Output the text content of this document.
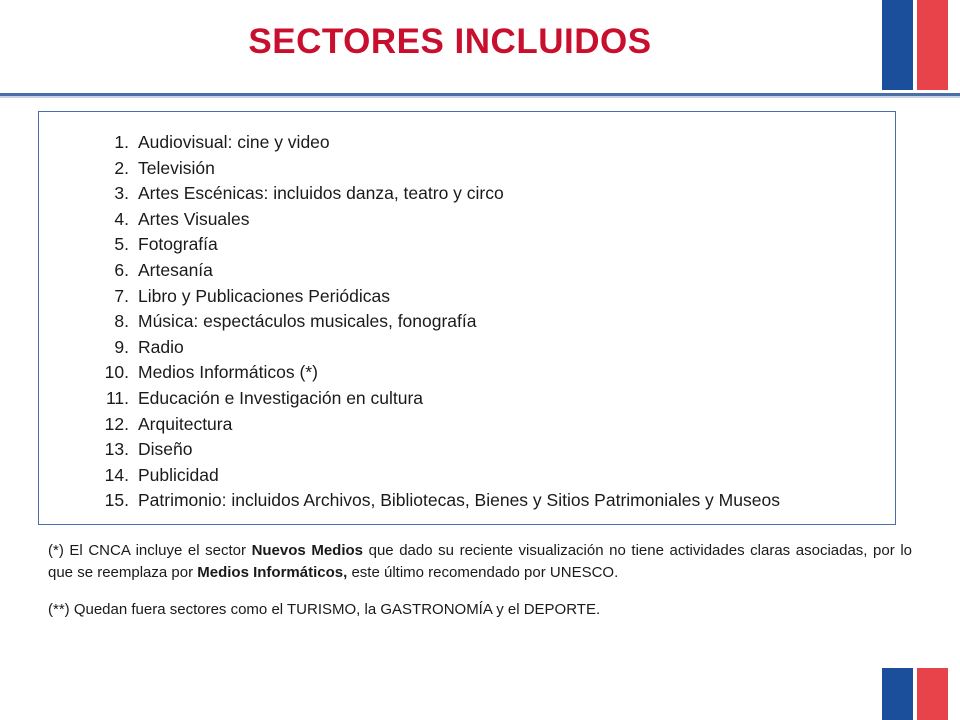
SECTORES INCLUIDOS
1. Audiovisual: cine y video
2. Televisión
3. Artes Escénicas: incluidos danza, teatro y circo
4. Artes Visuales
5. Fotografía
6. Artesanía
7. Libro y Publicaciones Periódicas
8. Música: espectáculos musicales, fonografía
9. Radio
10. Medios Informáticos (*)
11. Educación e Investigación en cultura
12. Arquitectura
13. Diseño
14. Publicidad
15. Patrimonio: incluidos Archivos, Bibliotecas, Bienes y Sitios Patrimoniales y Museos

(*) El CNCA incluye el sector Nuevos Medios que dado su reciente visualización no tiene actividades claras asociadas, por lo que se reemplaza por Medios Informáticos, este último recomendado por UNESCO.

(**) Quedan fuera sectores como el TURISMO, la GASTRONOMÍA y el DEPORTE.
